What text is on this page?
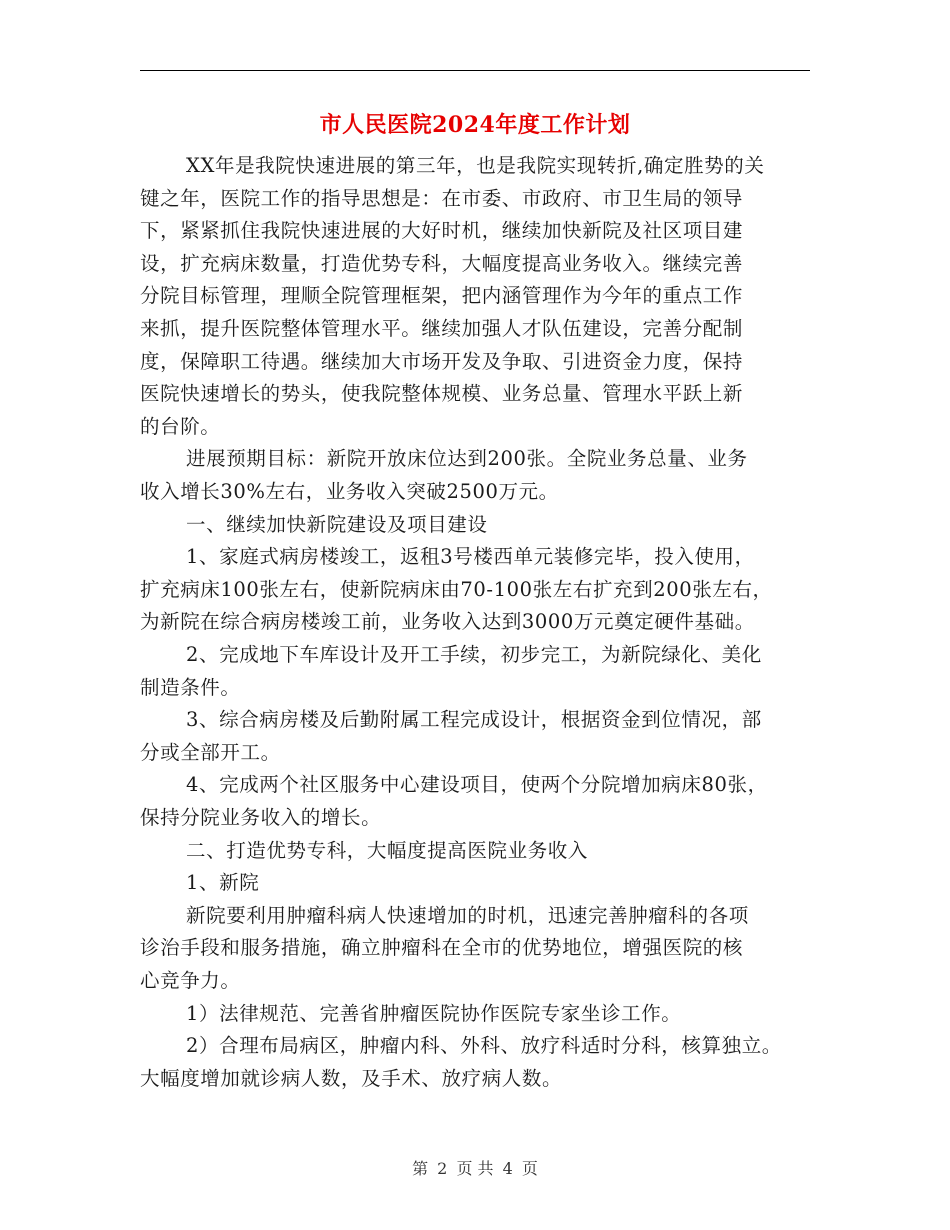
市人民医院2024年度工作计划
XX年是我院快速进展的第三年，也是我院实现转折,确定胜势的关
键之年，医院工作的指导思想是：在市委、市政府、市卫生局的领导
下，紧紧抓住我院快速进展的大好时机，继续加快新院及社区项目建
设，扩充病床数量，打造优势专科，大幅度提高业务收入。继续完善
分院目标管理，理顺全院管理框架，把内涵管理作为今年的重点工作
来抓，提升医院整体管理水平。继续加强人才队伍建设，完善分配制
度，保障职工待遇。继续加大市场开发及争取、引进资金力度，保持
医院快速增长的势头，使我院整体规模、业务总量、管理水平跃上新
的台阶。
进展预期目标：新院开放床位达到200张。全院业务总量、业务
收入增长30%左右，业务收入突破2500万元。
一、继续加快新院建设及项目建设
1、家庭式病房楼竣工，返租3号楼西单元装修完毕，投入使用，
扩充病床100张左右，使新院病床由70-100张左右扩充到200张左右，
为新院在综合病房楼竣工前，业务收入达到3000万元奠定硬件基础。
2、完成地下车库设计及开工手续，初步完工，为新院绿化、美化
制造条件。
3、综合病房楼及后勤附属工程完成设计，根据资金到位情况，部
分或全部开工。
4、完成两个社区服务中心建设项目，使两个分院增加病床80张，
保持分院业务收入的增长。
二、打造优势专科，大幅度提高医院业务收入
1、新院
新院要利用肿瘤科病人快速增加的时机，迅速完善肿瘤科的各项
诊治手段和服务措施，确立肿瘤科在全市的优势地位，增强医院的核
心竞争力。
1）法律规范、完善省肿瘤医院协作医院专家坐诊工作。
2）合理布局病区，肿瘤内科、外科、放疗科适时分科，核算独立。
大幅度增加就诊病人数，及手术、放疗病人数。
第 2 页 共 4 页
